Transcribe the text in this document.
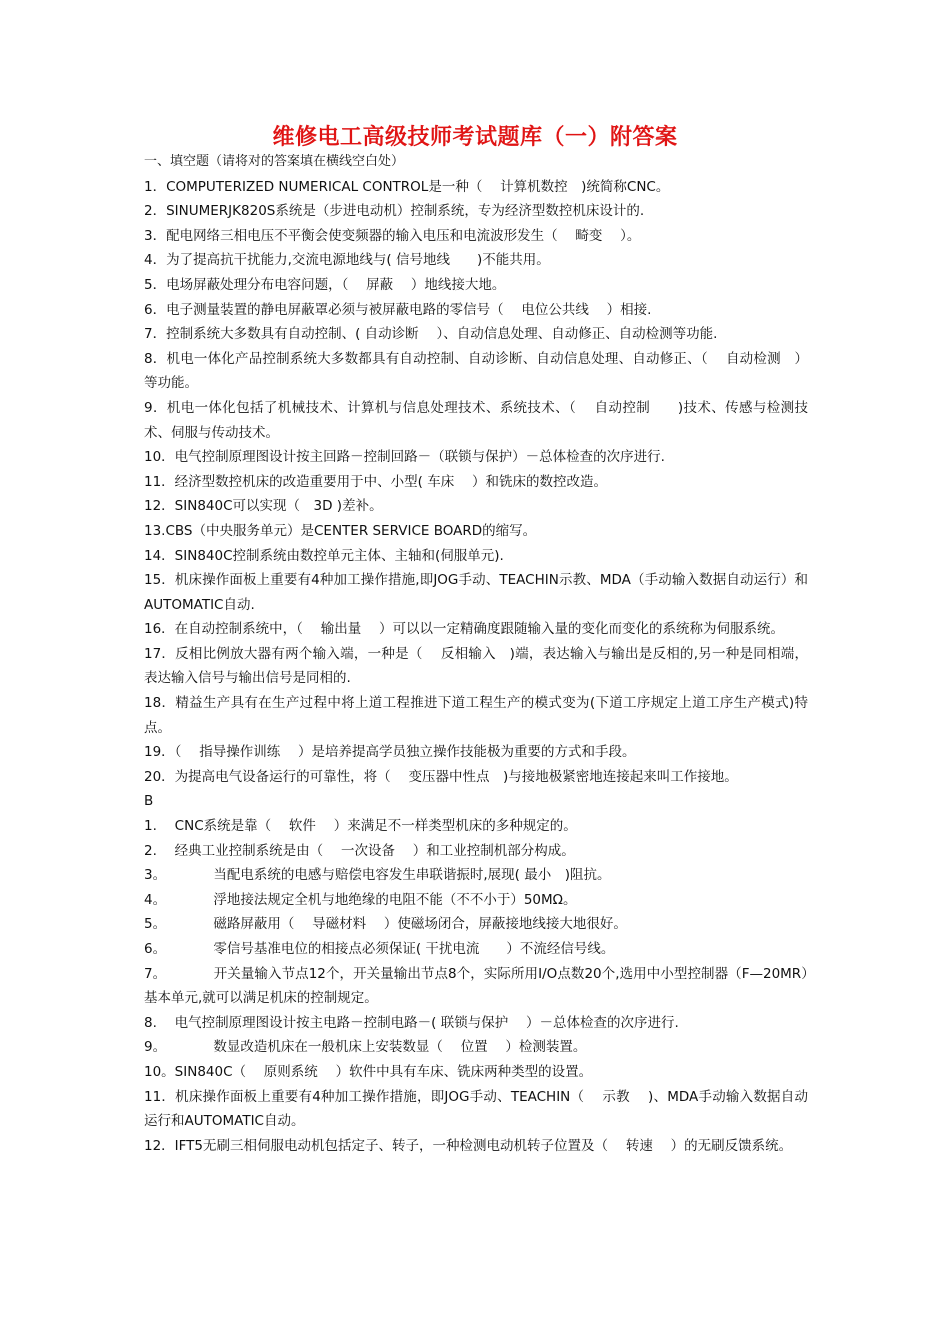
维修电工高级技师考试题库（一）附答案

一、填空题（请将对的答案填在横线空白处）

1．COMPUTERIZED NUMERICAL CONTROL是一种（　 计算机数控　)统简称CNC。

2．SINUMERJK820S系统是（步进电动机）控制系统，专为经济型数控机床设计的.

3．配电网络三相电压不平衡会使变频器的输入电压和电流波形发生（　 畸变　 ）。

4．为了提高抗干扰能力,交流电源地线与( 信号地线　　)不能共用。

5．电场屏蔽处理分布电容问题，（　 屏蔽　 ）地线接大地。

6．电子测量装置的静电屏蔽罩必须与被屏蔽电路的零信号（　 电位公共线　 ）相接.

7．控制系统大多数具有自动控制、( 自动诊断　 ）、自动信息处理、自动修正、自动检测等功能.

8．机电一体化产品控制系统大多数都具有自动控制、自动诊断、自动信息处理、自动修正、（　 自动检测　）等功能。

9．机电一体化包括了机械技术、计算机与信息处理技术、系统技术、（　 自动控制　　)技术、传感与检测技术、伺服与传动技术。

10．电气控制原理图设计按主回路－控制回路－（联锁与保护）－总体检查的次序进行.

11．经济型数控机床的改造重要用于中、小型( 车床　 ）和铣床的数控改造。

12．SIN840C可以实现（　3D )差补。

13.CBS（中央服务单元）是CENTER SERVICE BOARD的缩写。

14．SIN840C控制系统由数控单元主体、主轴和(伺服单元).

15．机床操作面板上重要有4种加工操作措施,即JOG手动、TEACHIN示教、MDA（手动输入数据自动运行）和AUTOMATIC自动.

16．在自动控制系统中，（　 输出量　 ）可以以一定精确度跟随输入量的变化而变化的系统称为伺服系统。

17．反相比例放大器有两个输入端，一种是（　 反相输入　)端，表达输入与输出是反相的,另一种是同相端，表达输入信号与输出信号是同相的.

18．精益生产具有在生产过程中将上道工程推进下道工程生产的模式变为(下道工序规定上道工序生产模式)特点。

19．（　 指导操作训练　 ）是培养提高学员独立操作技能极为重要的方式和手段。

20．为提高电气设备运行的可靠性，将（　 变压器中性点　)与接地极紧密地连接起来叫工作接地。

B

1.　 CNC系统是靠（　 软件　 ）来满足不一样类型机床的多种规定的。

2.　 经典工业控制系统是由（　 一次设备　 ）和工业控制机部分构成。

3。　　　　当配电系统的电感与赔偿电容发生串联谐振时,展现( 最小　)阻抗。

4。　　　　浮地接法规定全机与地绝缘的电阻不能（不不小于）50MΩ。

5。　　　　磁路屏蔽用（　 导磁材料　 ）使磁场闭合，屏蔽接地线接大地很好。

6。　　　　零信号基准电位的相接点必须保证( 干扰电流　　）不流经信号线。

7。　　　　开关量输入节点12个，开关量输出节点8个，实际所用I/O点数20个,选用中小型控制器（F—20MR）基本单元,就可以满足机床的控制规定。

8.　 电气控制原理图设计按主电路－控制电路－( 联锁与保护　 ）－总体检查的次序进行.

9。　　　　数显改造机床在一般机床上安装数显（　 位置　 ）检测装置。

10。SIN840C（　 原则系统　 ）软件中具有车床、铣床两种类型的设置。

11．机床操作面板上重要有4种加工操作措施，即JOG手动、TEACHIN（　 示教　 )、MDA手动输入数据自动运行和AUTOMATIC自动。

12．IFT5无刷三相伺服电动机包括定子、转子，一种检测电动机转子位置及（　 转速　 ）的无刷反馈系统。
